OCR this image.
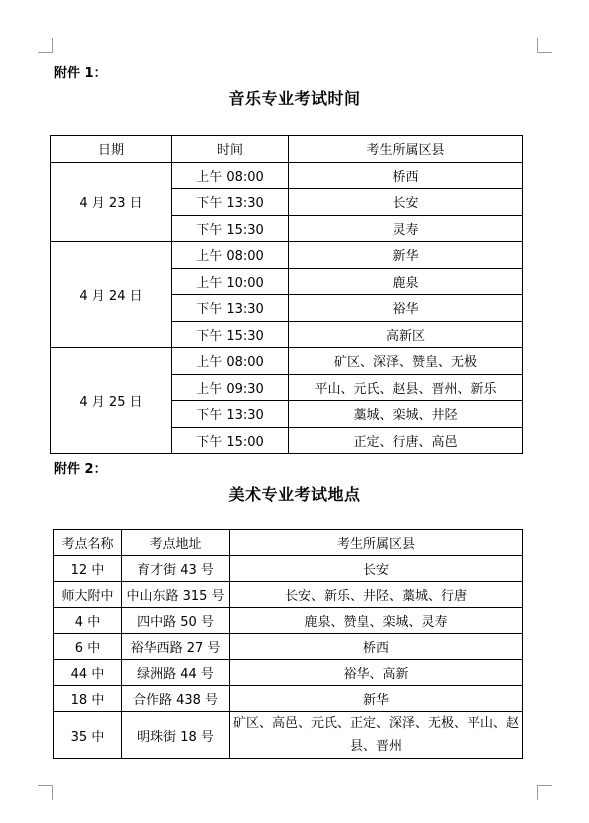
附件 1：
音乐专业考试时间
日期	时间	考生所属区县
4 月 23 日	上午 08:00	桥西
	下午 13:30	长安
	下午 15:30	灵寿
4 月 24 日	上午 08:00	新华
	上午 10:00	鹿泉
	下午 13:30	裕华
	下午 15:30	高新区
4 月 25 日	上午 08:00	矿区、深泽、赞皇、无极
	上午 09:30	平山、元氏、赵县、晋州、新乐
	下午 13:30	藁城、栾城、井陉
	下午 15:00	正定、行唐、高邑
附件 2：
美术专业考试地点
考点名称	考点地址	考生所属区县
12 中	育才街 43 号	长安
师大附中	中山东路 315 号	长安、新乐、井陉、藁城、行唐
4 中	四中路 50 号	鹿泉、赞皇、栾城、灵寿
6 中	裕华西路 27 号	桥西
44 中	绿洲路 44 号	裕华、高新
18 中	合作路 438 号	新华
35 中	明珠街 18 号	矿区、高邑、元氏、正定、深泽、无极、平山、赵县、晋州
